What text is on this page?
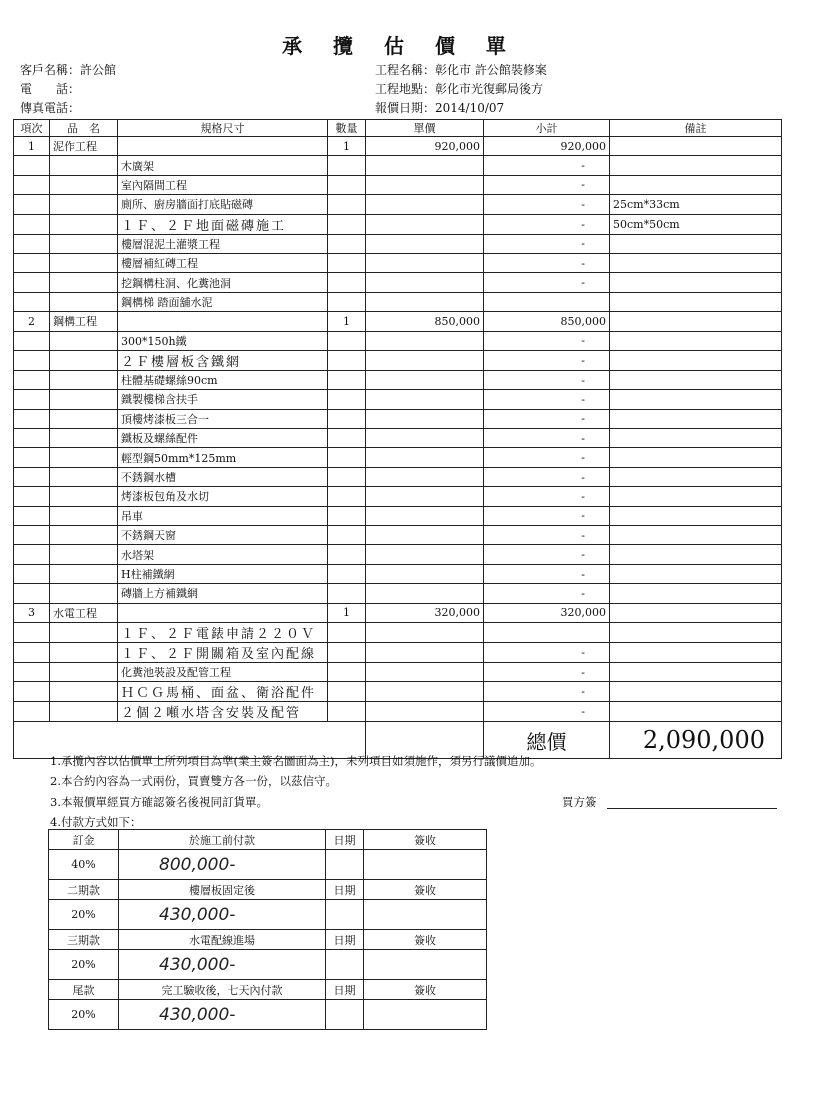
承 攬 估 價 單
客戶名稱：許公館
電　　話：
傳真電話：
工程名稱：彰化市 許公館裝修案
工程地點：彰化市光復郵局後方
報價日期：2014/10/07
項次	品　名	規格尺寸	數量	單價	小計	備註
1	泥作工程		1	920,000	920,000	
		木廣架			-	
		室內隔間工程			-	
		廁所、廚房牆面打底貼磁磚			-	25cm*33cm
		１Ｆ、２Ｆ地面磁磚施工			-	50cm*50cm
		樓層混泥土灌漿工程			-	
		樓層補紅磚工程			-	
		挖鋼構柱洞、化糞池洞			-	
		鋼構梯 踏面舖水泥				
2	鋼構工程		1	850,000	850,000	
		300*150h鐵			-	
		２Ｆ樓層板含鐵網			-	
		柱體基礎螺絲90cm			-	
		鐵製樓梯含扶手			-	
		頂樓烤漆板三合一			-	
		鐵板及螺絲配件			-	
		輕型鋼50mm*125mm			-	
		不銹鋼水槽			-	
		烤漆板包角及水切			-	
		吊車			-	
		不銹鋼天窗			-	
		水塔架			-	
		H柱補鐵網			-	
		磚牆上方補鐵網			-	
3	水電工程		1	320,000	320,000	
		１Ｆ、２Ｆ電錶申請２２０Ｖ				
		１Ｆ、２Ｆ開關箱及室內配線			-	
		化糞池裝設及配管工程			-	
		ＨＣＧ馬桶、面盆、衛浴配件			-	
		２個２噸水塔含安裝及配管			-	
					總價	2,090,000
1.承攬內容以估價單上所列項目為準(業主簽名圖面為主)，未列項目如須施作，須另行議價追加。
2.本合約內容為一式兩份，買賣雙方各一份，以茲信守。
3.本報價單經買方確認簽名後視同訂貨單。
4.付款方式如下：
買方簽
訂金	於施工前付款	日期	簽收
40%	800,000-		
二期款	樓層板固定後	日期	簽收
20%	430,000-		
三期款	水電配線進場	日期	簽收
20%	430,000-		
尾款	完工驗收後，七天內付款	日期	簽收
20%	430,000-		
